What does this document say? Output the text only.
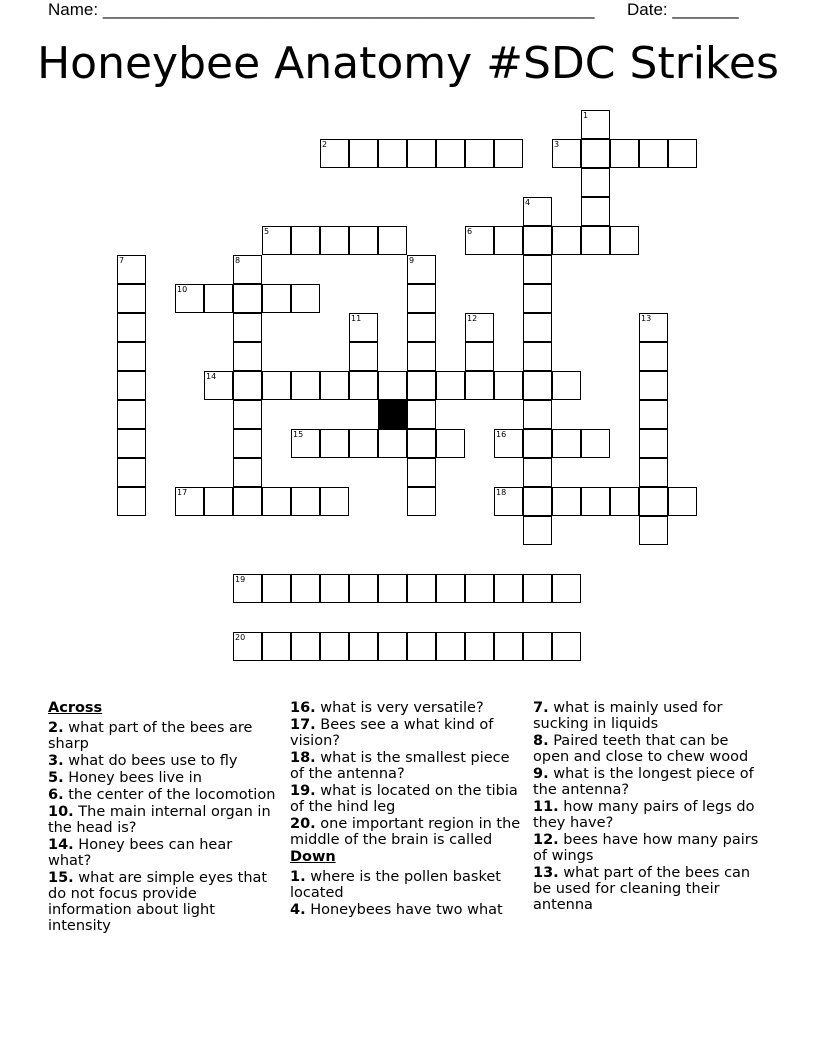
Name: ____________________________________________________ Date: _______
Honeybee Anatomy #SDC Strikes
1
2	3
4
5	6
7	8	9
10
11	12	13
14
15	16
17	18
19
20
Across
2. what part of the bees are sharp
3. what do bees use to fly
5. Honey bees live in
6. the center of the locomotion
10. The main internal organ in the head is?
14. Honey bees can hear what?
15. what are simple eyes that do not focus provide information about light intensity
16. what is very versatile?
17. Bees see a what kind of vision?
18. what is the smallest piece of the antenna?
19. what is located on the tibia of the hind leg
20. one important region in the middle of the brain is called
Down
1. where is the pollen basket located
4. Honeybees have two what
7. what is mainly used for sucking in liquids
8. Paired teeth that can be open and close to chew wood
9. what is the longest piece of the antenna?
11. how many pairs of legs do they have?
12. bees have how many pairs of wings
13. what part of the bees can be used for cleaning their antenna
